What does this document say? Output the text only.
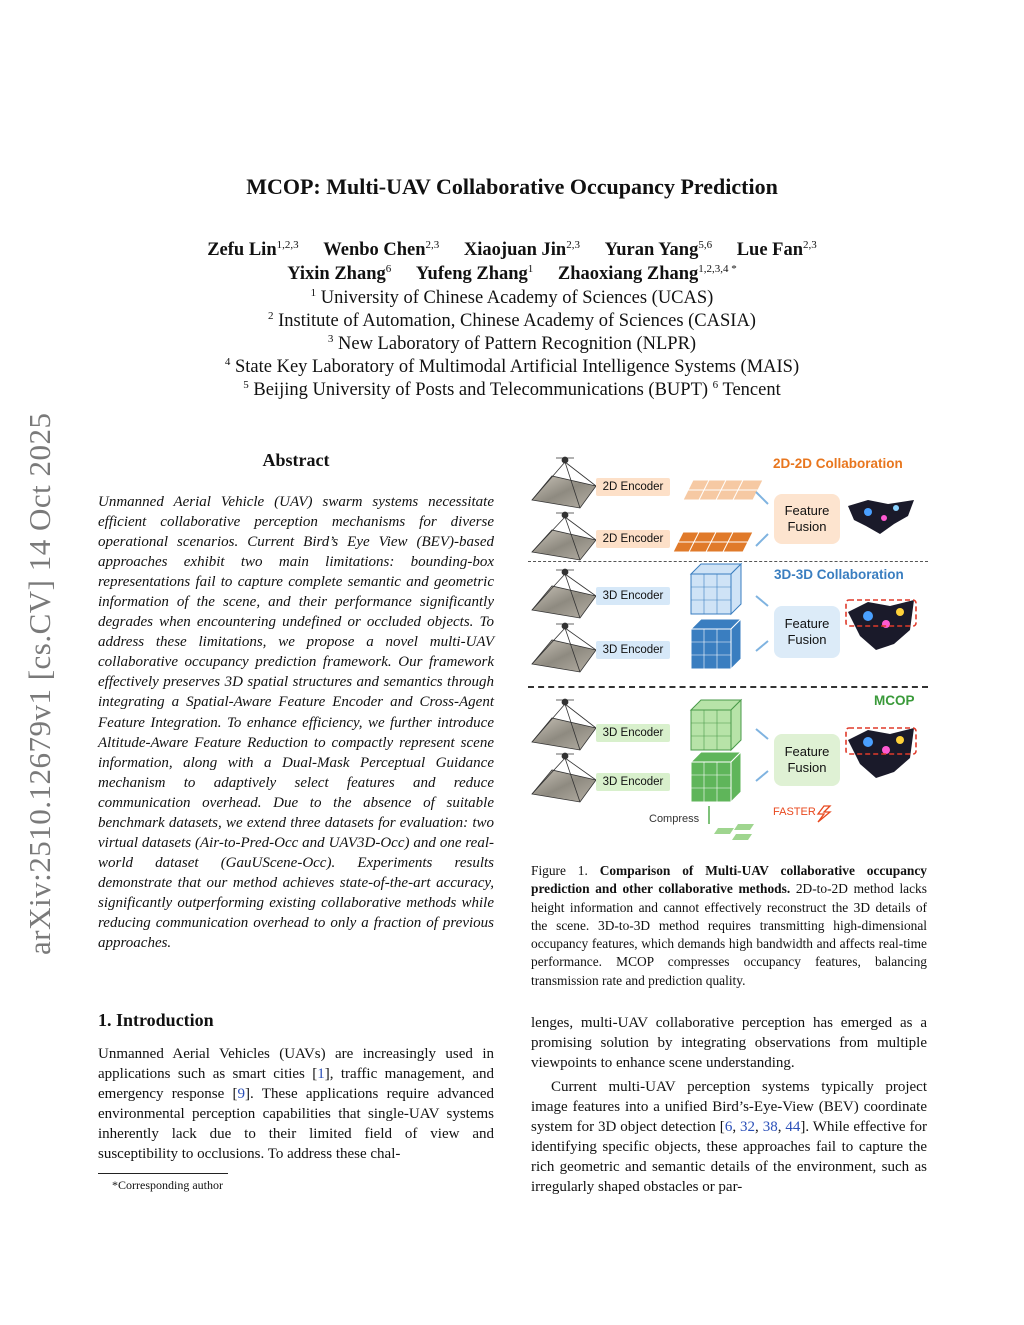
arXiv:2510.12679v1 [cs.CV] 14 Oct 2025
MCOP: Multi-UAV Collaborative Occupancy Prediction
Zefu Lin$^{1,2,3}$ Wenbo Chen$^{2,3}$ Xiaojuan Jin$^{2,3}$ Yuran Yang$^{5,6}$ Lue Fan$^{2,3}$
Yixin Zhang$^6$ Yufeng Zhang$^1$ Zhaoxiang Zhang$^{1,2,3,4 *}$
$^1$ University of Chinese Academy of Sciences (UCAS)
$^2$ Institute of Automation, Chinese Academy of Sciences (CASIA)
$^3$ New Laboratory of Pattern Recognition (NLPR)
$^4$ State Key Laboratory of Multimodal Artificial Intelligence Systems (MAIS)
$^5$ Beijing University of Posts and Telecommunications (BUPT) $^6$ Tencent
Abstract
Unmanned Aerial Vehicle (UAV) swarm systems necessitate efficient collaborative perception mechanisms for diverse operational scenarios. Current Bird’s Eye View (BEV)-based approaches exhibit two main limitations: bounding-box representations fail to capture complete semantic and geometric information of the scene, and their performance significantly degrades when encountering undefined or occluded objects. To address these limitations, we propose a novel multi-UAV collaborative occupancy prediction framework. Our framework effectively preserves 3D spatial structures and semantics through integrating a Spatial-Aware Feature Encoder and Cross-Agent Feature Integration. To enhance efficiency, we further introduce Altitude-Aware Feature Reduction to compactly represent scene information, along with a Dual-Mask Perceptual Guidance mechanism to adaptively select features and reduce communication overhead. Due to the absence of suitable benchmark datasets, we extend three datasets for evaluation: two virtual datasets (Air-to-Pred-Occ and UAV3D-Occ) and one real-world dataset (GauUScene-Occ). Experiments results demonstrate that our method achieves state-of-the-art accuracy, significantly outperforming existing collaborative methods while reducing communication overhead to only a fraction of previous approaches.
1. Introduction

Unmanned Aerial Vehicles (UAVs) are increasingly used in applications such as smart cities [1], traffic management, and emergency response [9]. These applications require advanced environmental perception capabilities that single-UAV systems inherently lack due to their limited field of view and susceptibility to occlusions. To address these chal-

*Corresponding author
2D-2D Collaboration
3D-3D Collaboration
MCOP
2D Encoder
2D Encoder
3D Encoder
3D Encoder
3D Encoder
3D Encoder
Feature Fusion
Feature Fusion
Feature Fusion
Compress
FASTER
Figure 1. Comparison of Multi-UAV collaborative occupancy prediction and other collaborative methods. 2D-to-2D method lacks height information and cannot effectively reconstruct the 3D details of the scene. 3D-to-3D method requires transmitting high-dimensional occupancy features, which demands high bandwidth and affects real-time performance. MCOP compresses occupancy features, balancing transmission rate and prediction quality.

lenges, multi-UAV collaborative perception has emerged as a promising solution by integrating observations from multiple viewpoints to enhance scene understanding.

Current multi-UAV perception systems typically project image features into a unified Bird’s-Eye-View (BEV) coordinate system for 3D object detection [6, 32, 38, 44]. While effective for identifying specific objects, these approaches fail to capture the rich geometric and semantic details of the environment, such as irregularly shaped obstacles or par-
